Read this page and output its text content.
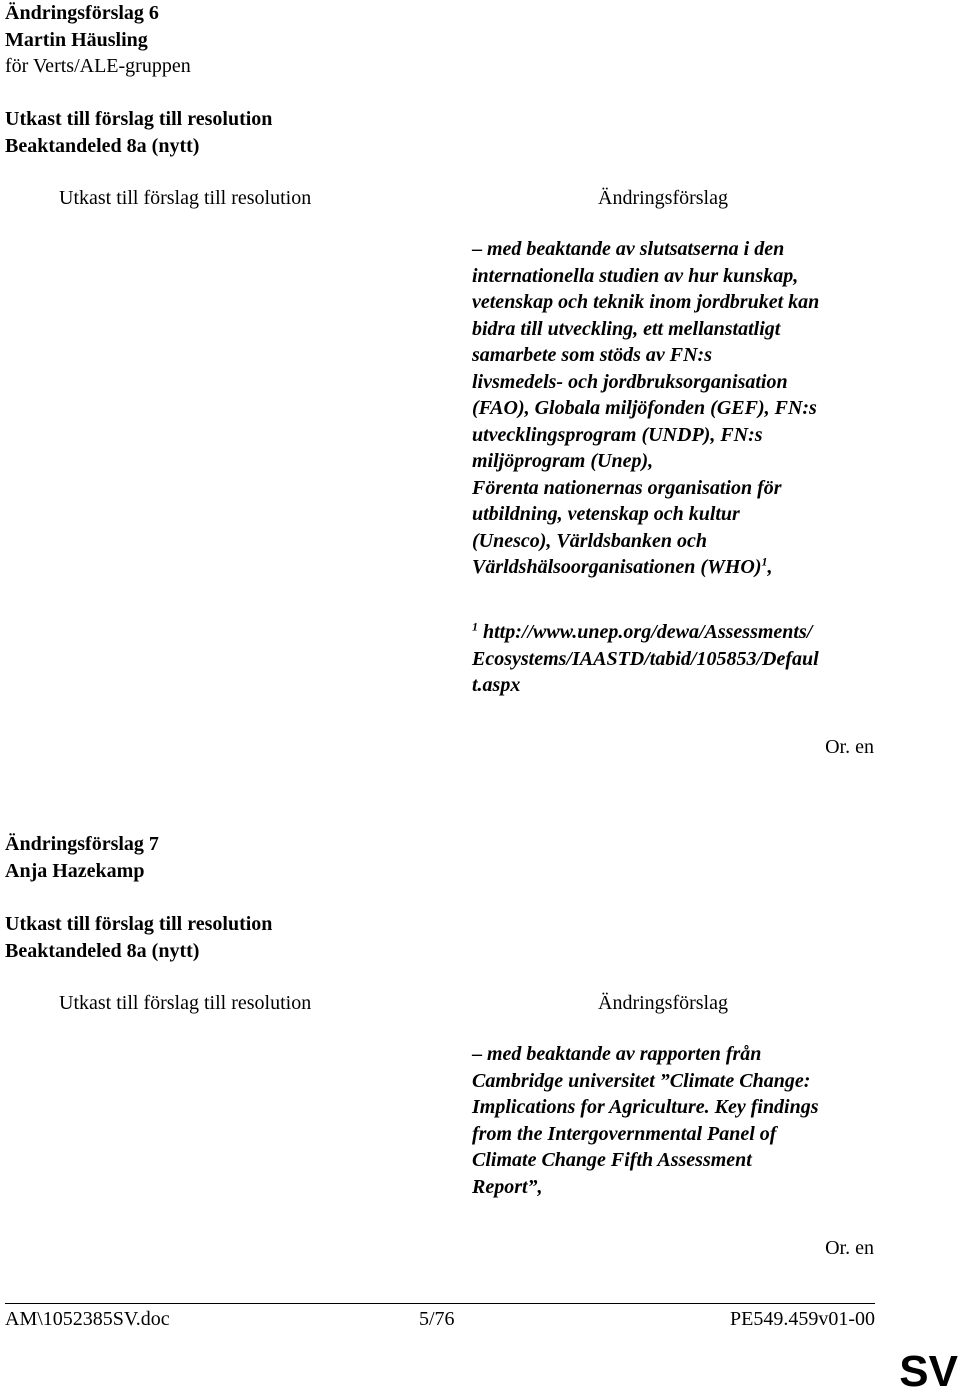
Ändringsförslag 6
Martin Häusling
för Verts/ALE-gruppen
Utkast till förslag till resolution
Beaktandeled 8a (nytt)
Utkast till förslag till resolution	Ändringsförslag
– med beaktande av slutsatserna i den
internationella studien av hur kunskap,
vetenskap och teknik inom jordbruket kan
bidra till utveckling, ett mellanstatligt
samarbete som stöds av FN:s
livsmedels- och jordbruksorganisation
(FAO), Globala miljöfonden (GEF), FN:s
utvecklingsprogram (UNDP), FN:s
miljöprogram (Unep),
Förenta nationernas organisation för
utbildning, vetenskap och kultur
(Unesco), Världsbanken och
Världshälsoorganisationen (WHO)$^1$,
$^1$ http://www.unep.org/dewa/Assessments/
Ecosystems/IAASTD/tabid/105853/Defaul
t.aspx
Or. en
Ändringsförslag 7
Anja Hazekamp
Utkast till förslag till resolution
Beaktandeled 8a (nytt)
Utkast till förslag till resolution	Ändringsförslag
– med beaktande av rapporten från
Cambridge universitet ”Climate Change:
Implications for Agriculture. Key findings
from the Intergovernmental Panel of
Climate Change Fifth Assessment
Report”,
Or. en
AM\1052385SV.doc	5/76	PE549.459v01-00
SV
